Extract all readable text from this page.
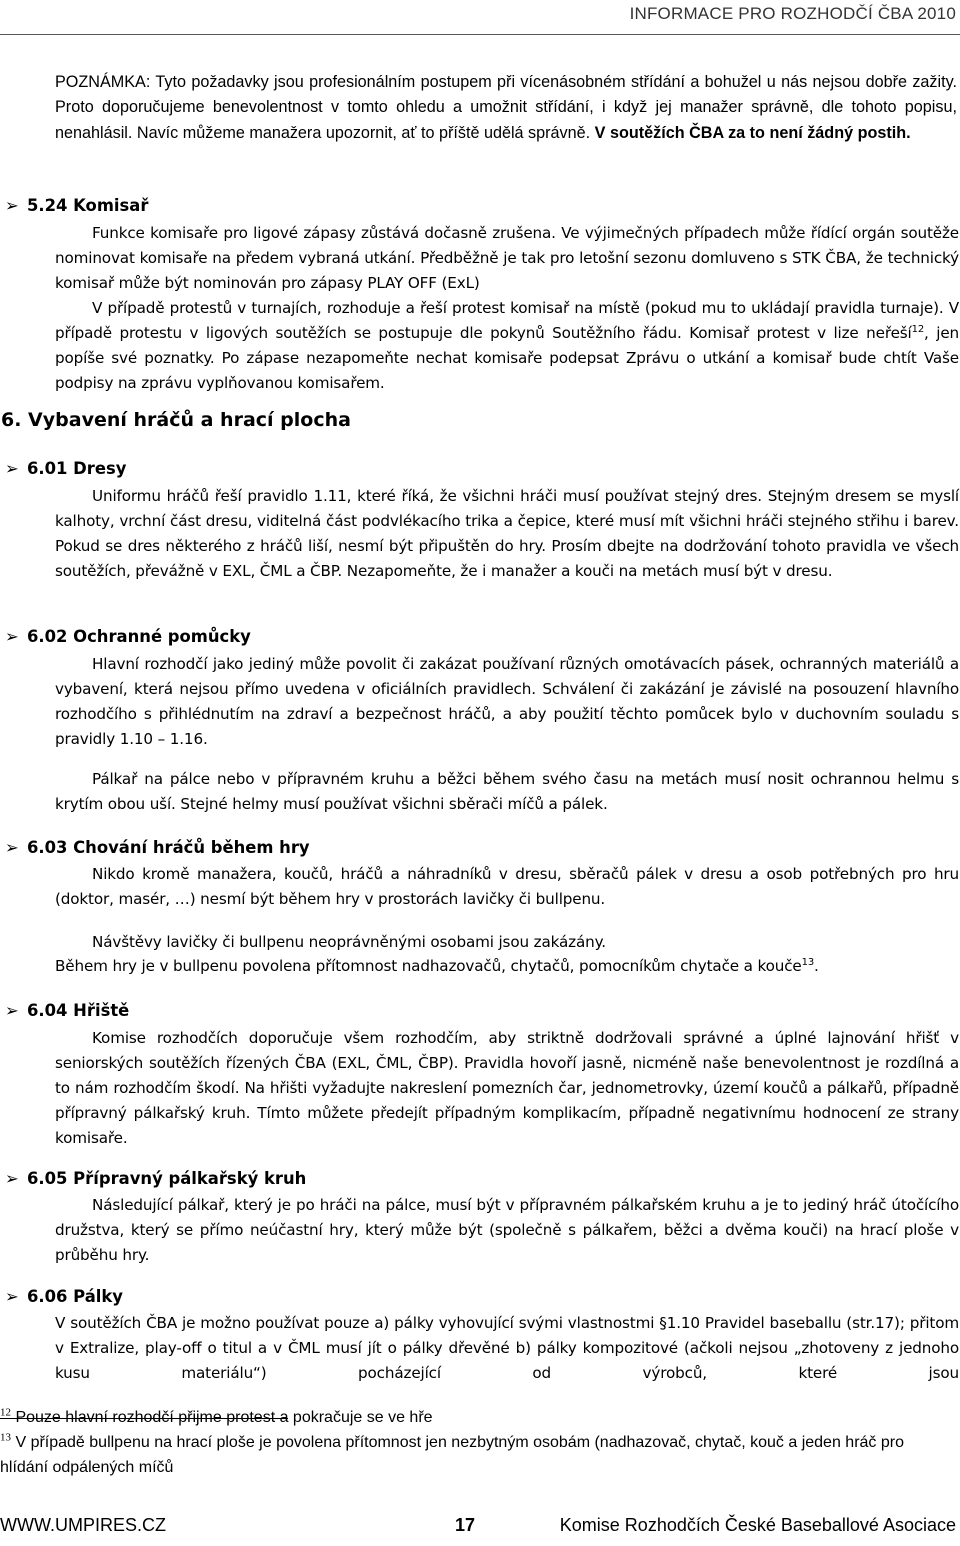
INFORMACE PRO ROZHODČÍ ČBA 2010

POZNÁMKA: Tyto požadavky jsou profesionálním postupem při vícenásobném střídání a bohužel u nás nejsou dobře zažity. Proto doporučujeme benevolentnost v tomto ohledu a umožnit střídání, i když jej manažer správně, dle tohoto popisu, nenahlásil. Navíc můžeme manažera upozornit, ať to příště udělá správně. V soutěžích ČBA za to není žádný postih.

➢ 5.24 Komisař

Funkce komisaře pro ligové zápasy zůstává dočasně zrušena. Ve výjimečných případech může řídící orgán soutěže nominovat komisaře na předem vybraná utkání. Předběžně je tak pro letošní sezonu domluveno s STK ČBA, že technický komisař může být nominován pro zápasy PLAY OFF (ExL)

V případě protestů v turnajích, rozhoduje a řeší protest komisař na místě (pokud mu to ukládají pravidla turnaje). V případě protestu v ligových soutěžích se postupuje dle pokynů Soutěžního řádu. Komisař protest v lize neřeší$^{12}$, jen popíše své poznatky. Po zápase nezapomeňte nechat komisaře podepsat Zprávu o utkání a komisař bude chtít Vaše podpisy na zprávu vyplňovanou komisařem.

6. Vybavení hráčů a hrací plocha
➢ 6.01 Dresy

Uniformu hráčů řeší pravidlo 1.11, které říká, že všichni hráči musí používat stejný dres. Stejným dresem se myslí kalhoty, vrchní část dresu, viditelná část podvlékacího trika a čepice, které musí mít všichni hráči stejného střihu i barev. Pokud se dres některého z hráčů liší, nesmí být připuštěn do hry. Prosím dbejte na dodržování tohoto pravidla ve všech soutěžích, převážně v EXL, ČML a ČBP. Nezapomeňte, že i manažer a kouči na metách musí být v dresu.

➢ 6.02 Ochranné pomůcky

Hlavní rozhodčí jako jediný může povolit či zakázat používaní různých omotávacích pásek, ochranných materiálů a vybavení, která nejsou přímo uvedena v oficiálních pravidlech. Schválení či zakázání je závislé na posouzení hlavního rozhodčího s přihlédnutím na zdraví a bezpečnost hráčů, a aby použití těchto pomůcek bylo v duchovním souladu s pravidly 1.10 – 1.16.

Pálkař na pálce nebo v přípravném kruhu a běžci během svého času na metách musí nosit ochrannou helmu s krytím obou uší. Stejné helmy musí používat všichni sběrači míčů a pálek.

➢ 6.03 Chování hráčů během hry

Nikdo kromě manažera, koučů, hráčů a náhradníků v dresu, sběračů pálek v dresu a osob potřebných pro hru (doktor, masér, …) nesmí být během hry v prostorách lavičky či bullpenu.

Návštěvy lavičky či bullpenu neoprávněnými osobami jsou zakázány.

Během hry je v bullpenu povolena přítomnost nadhazovačů, chytačů, pomocníkům chytače a kouče$^{13}$.

➢ 6.04 Hřiště

Komise rozhodčích doporučuje všem rozhodčím, aby striktně dodržovali správné a úplné lajnování hřišť v seniorských soutěžích řízených ČBA (EXL, ČML, ČBP). Pravidla hovoří jasně, nicméně naše benevolentnost je rozdílná a to nám rozhodčím škodí. Na hřišti vyžadujte nakreslení pomezních čar, jednometrovky, území koučů a pálkařů, případně přípravný pálkařský kruh. Tímto můžete předejít případným komplikacím, případně negativnímu hodnocení ze strany komisaře.

➢ 6.05 Přípravný pálkařský kruh

Následující pálkař, který je po hráči na pálce, musí být v přípravném pálkařském kruhu a je to jediný hráč útočícího družstva, který se přímo neúčastní hry, který může být (společně s pálkařem, běžci a dvěma kouči) na hrací ploše v průběhu hry.

➢ 6.06 Pálky

V soutěžích ČBA je možno používat pouze a) pálky vyhovující svými vlastnostmi §1.10 Pravidel baseballu (str.17); přitom v Extralize, play-off o titul a v ČML musí jít o pálky dřevěné b) pálky kompozitové (ačkoli nejsou „zhotoveny z jednoho kusu materiálu“) pocházející od výrobců, které jsou

$^{12}$ Pouze hlavní rozhodčí přijme protest a pokračuje se ve hře

$^{13}$ V případě bullpenu na hrací ploše je povolena přítomnost jen nezbytným osobám (nadhazovač, chytač, kouč a jeden hráč pro hlídání odpálených míčů

WWW.UMPIRES.CZ	17	Komise Rozhodčích České Baseballové Asociace
